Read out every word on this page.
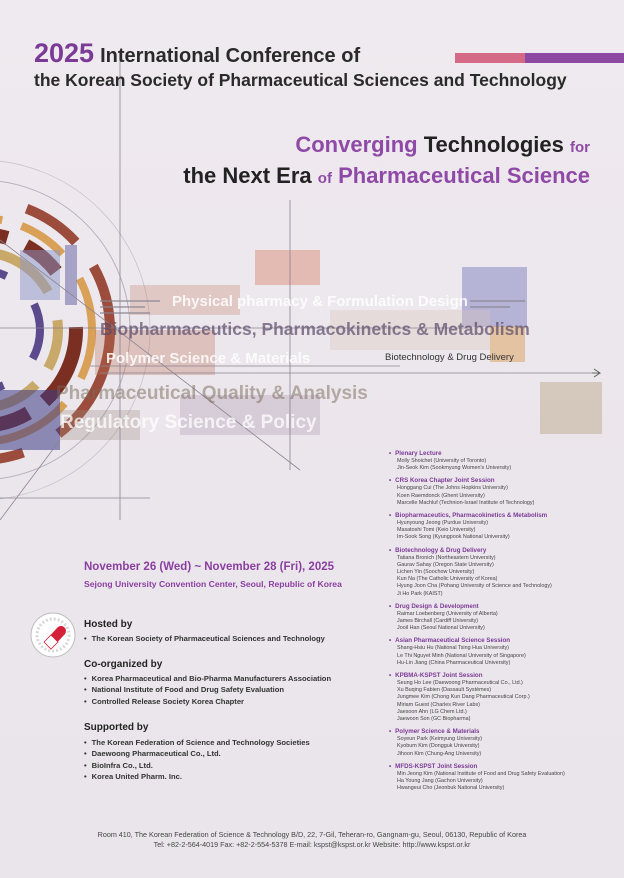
2025 International Conference of
the Korean Society of Pharmaceutical Sciences and Technology
Converging Technologies for
the Next Era of Pharmaceutical Science
Physical pharmacy & Formulation Design
Biopharmaceutics, Pharmacokinetics & Metabolism
Polymer Science & Materials	Biotechnology & Drug Delivery
Pharmaceutical Quality & Analysis
Regulatory Science & Policy
November 26 (Wed) ~ November 28 (Fri), 2025
Sejong University Convention Center, Seoul, Republic of Korea
Hosted by
• The Korean Society of Pharmaceutical Sciences and Technology
Co-organized by
• Korea Pharmaceutical and Bio-Pharma Manufacturers Association
• National Institute of Food and Drug Safety Evaluation
• Controlled Release Society Korea Chapter
Supported by
• The Korean Federation of Science and Technology Societies
• Daewoong Pharmaceutical Co., Ltd.
• BioInfra Co., Ltd.
• Korea United Pharm. Inc.
• Plenary Lecture
Molly Shoichet (University of Toronto)
Jin-Seok Kim (Sookmyung Women's University)
• CRS Korea Chapter Joint Session
Honggang Cui (The Johns Hopkins University)
Koen Raemdonck (Ghent University)
Marcelle Machluf (Technion-Israel Institute of Technology)
• Biopharmaceutics, Pharmacokinetics & Metabolism
Hyunyoung Jeong (Purdue University)
Masatoshi Tomi (Keio University)
Im-Sook Song (Kyungpook National University)
• Biotechnology & Drug Delivery
Tatiana Bronich (Northeastern University)
Gaurav Sahay (Oregon State University)
Lichen Yin (Soochow University)
Kun Na (The Catholic University of Korea)
Hyung Joon Cha (Pohang University of Science and Technology)
Ji Ho Park (KAIST)
• Drug Design & Development
Raimar Loebenberg (University of Alberta)
James Birchall (Cardiff University)
Jooil Han (Seoul National University)
• Asian Pharmaceutical Science Session
Shang-Hsiu Hu (National Tsing Hua University)
Le Thi Nguyet Minh (National University of Singapore)
Hu-Lin Jiang (China Pharmaceutical University)
• KPBMA-KSPST Joint Session
Seung Ho Lee (Daewoong Pharmaceutical Co., Ltd.)
Xu Buqing Fabien (Dassault Systèmes)
Jungmee Kim (Chong Kun Dang Pharmaceutical Corp.)
Miriam Guest (Charles River Labs)
Jaesoon Ahn (LG Chem Ltd.)
Jaewoon Son (GC Biopharma)
• Polymer Science & Materials
Soyeun Park (Keimyung University)
Kyobum Kim (Dongguk University)
Jihoon Kim (Chung-Ang University)
• MFDS-KSPST Joint Session
Min Jeong Kim (National Institute of Food and Drug Safety Evaluation)
Ha Young Jang (Gachon University)
Hwangeui Cho (Jeonbuk National University)
Room 410, The Korean Federation of Science & Technology B/D, 22, 7-Gil, Teheran-ro, Gangnam-gu, Seoul, 06130, Republic of Korea
Tel: +82-2-564-4019 Fax: +82-2-554-5378 E-mail: kspst@kspst.or.kr Website: http://www.kspst.or.kr
